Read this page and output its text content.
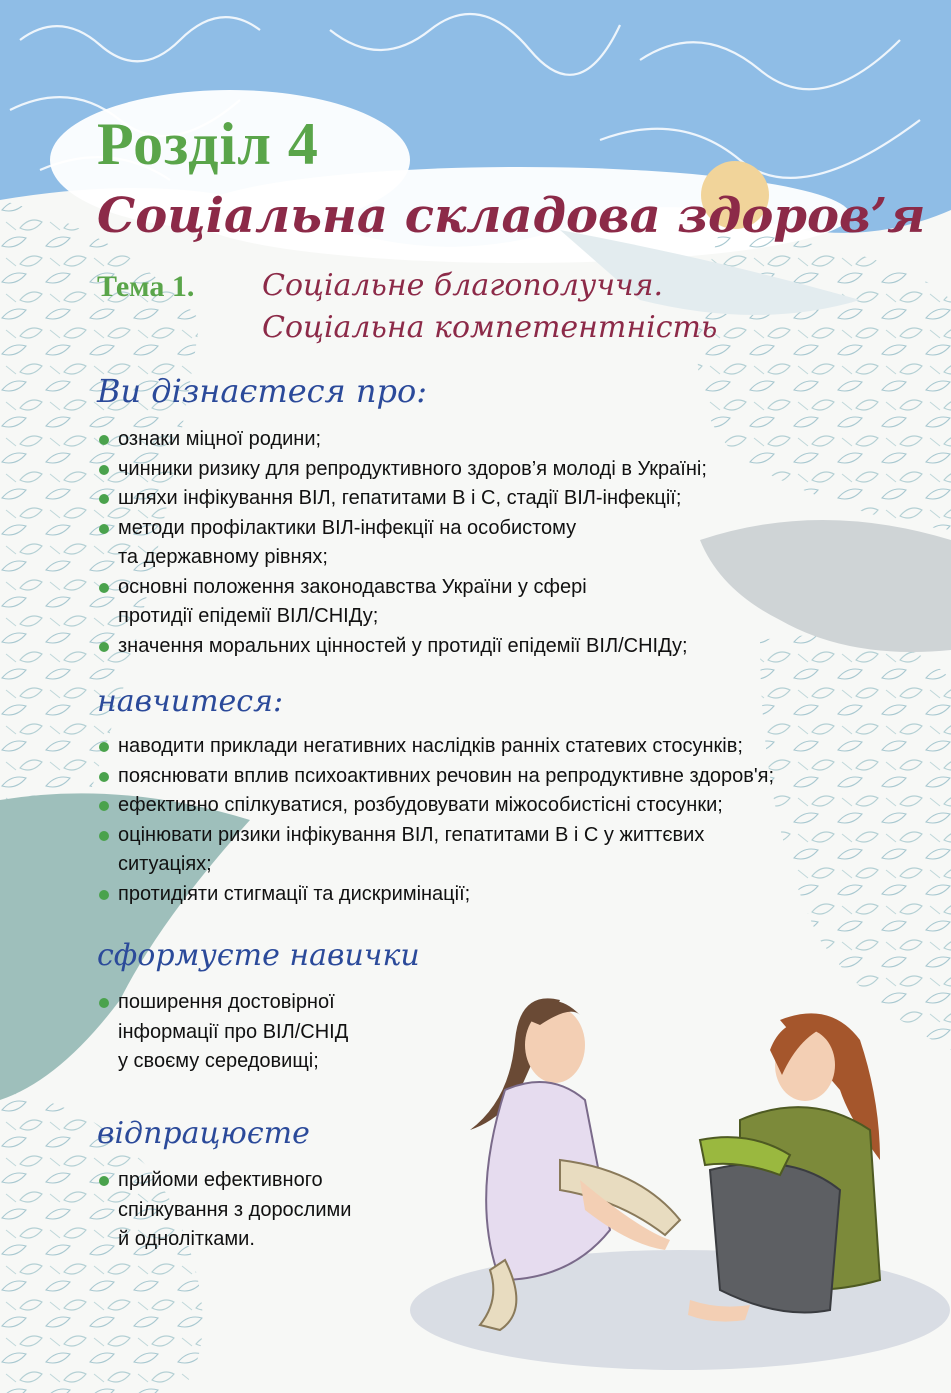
Розділ 4
Соціальна складова здоров’я
Тема 1. Соціальне благополуччя.
Соціальна компетентність
Ви дізнаєтеся про:
ознаки міцної родини;
чинники ризику для репродуктивного здоров’я молоді в Україні;
шляхи інфікування ВІЛ, гепатитами В і С, стадії ВІЛ-інфекції;
методи профілактики ВІЛ-інфекції на особистому
та державному рівнях;
основні положення законодавства України у сфері
протидії епідемії ВІЛ/СНІДу;
значення моральних цінностей у протидії епідемії ВІЛ/СНІДу;
навчитеся:
наводити приклади негативних наслідків ранніх статевих стосунків;
пояснювати вплив психоактивних речовин на репродуктивне здоров'я;
ефективно спілкуватися, розбудовувати міжособистісні стосунки;
оцінювати ризики інфікування ВІЛ, гепатитами В і С у життєвих
ситуаціях;
протидіяти стигмації та дискримінації;
сформуєте навички
поширення достовірної
інформації про ВІЛ/СНІД
у своєму середовищі;
відпрацюєте
прийоми ефективного
спілкування з дорослими
й однолітками.
